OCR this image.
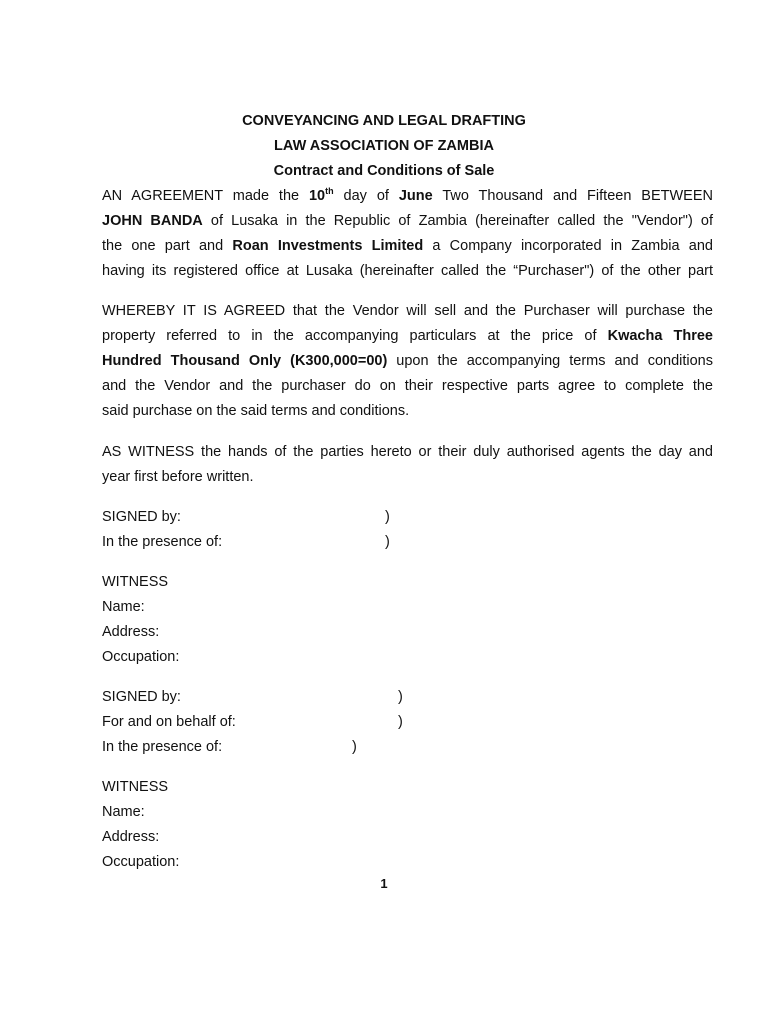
CONVEYANCING AND LEGAL DRAFTING

LAW ASSOCIATION OF ZAMBIA

Contract and Conditions of Sale

AN AGREEMENT made the 10th day of June Two Thousand and Fifteen BETWEEN
JOHN BANDA of Lusaka in the Republic of Zambia (hereinafter called the "Vendor") of
the one part and Roan Investments Limited a Company incorporated in Zambia and
having its registered office at Lusaka (hereinafter called the “Purchaser") of the other part
WHEREBY IT IS AGREED that the Vendor will sell and the Purchaser will purchase the
property referred to in the accompanying particulars at the price of Kwacha Three
Hundred Thousand Only (K300,000=00) upon the accompanying terms and conditions
and the Vendor and the purchaser do on their respective parts agree to complete the
said purchase on the said terms and conditions.
AS WITNESS the hands of the parties hereto or their duly authorised agents the day and
year first before written.

SIGNED by:	)

In the presence of:	)

WITNESS

Name:

Address:

Occupation:

SIGNED by:	)

For and on behalf of:	)

In the presence of:	)

WITNESS

Name:

Address:

Occupation:

1
